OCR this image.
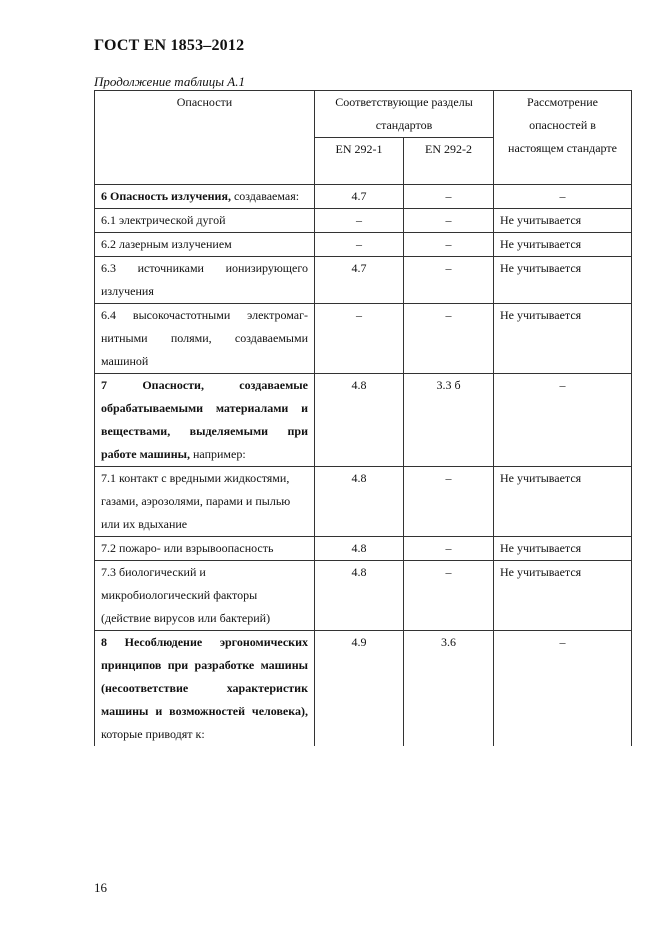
ГОСТ EN 1853–2012
Продолжение таблицы А.1
Опасности	Соответствующие разделы стандартов		Рассмотрение опасностей в настоящем стандарте
	EN 292-1	EN 292-2	
6 Опасность излучения, создаваемая:	4.7	–	–
6.1 электрической дугой	–	–	Не учитывается
6.2 лазерным излучением	–	–	Не учитывается
6.3 источниками ионизирующего излучения	4.7	–	Не учитывается
6.4 высокочастотными электромаг-нитными полями, создаваемыми машиной	–	–	Не учитывается
7 Опасности, создаваемые обрабатываемыми материалами и веществами, выделяемыми при работе машины, например:	4.8	3.3 б	–
7.1 контакт с вредными жидкостями, газами, аэрозолями, парами и пылью или их вдыхание	4.8	–	Не учитывается
7.2 пожаро- или взрывоопасность	4.8	–	Не учитывается
7.3 биологический и микробиологический факторы (действие вирусов или бактерий)	4.8	–	Не учитывается
8 Несоблюдение эргономических принципов при разработке машины (несоответствие характеристик машины и возможностей человека), которые приводят к:	4.9	3.6	–
16
